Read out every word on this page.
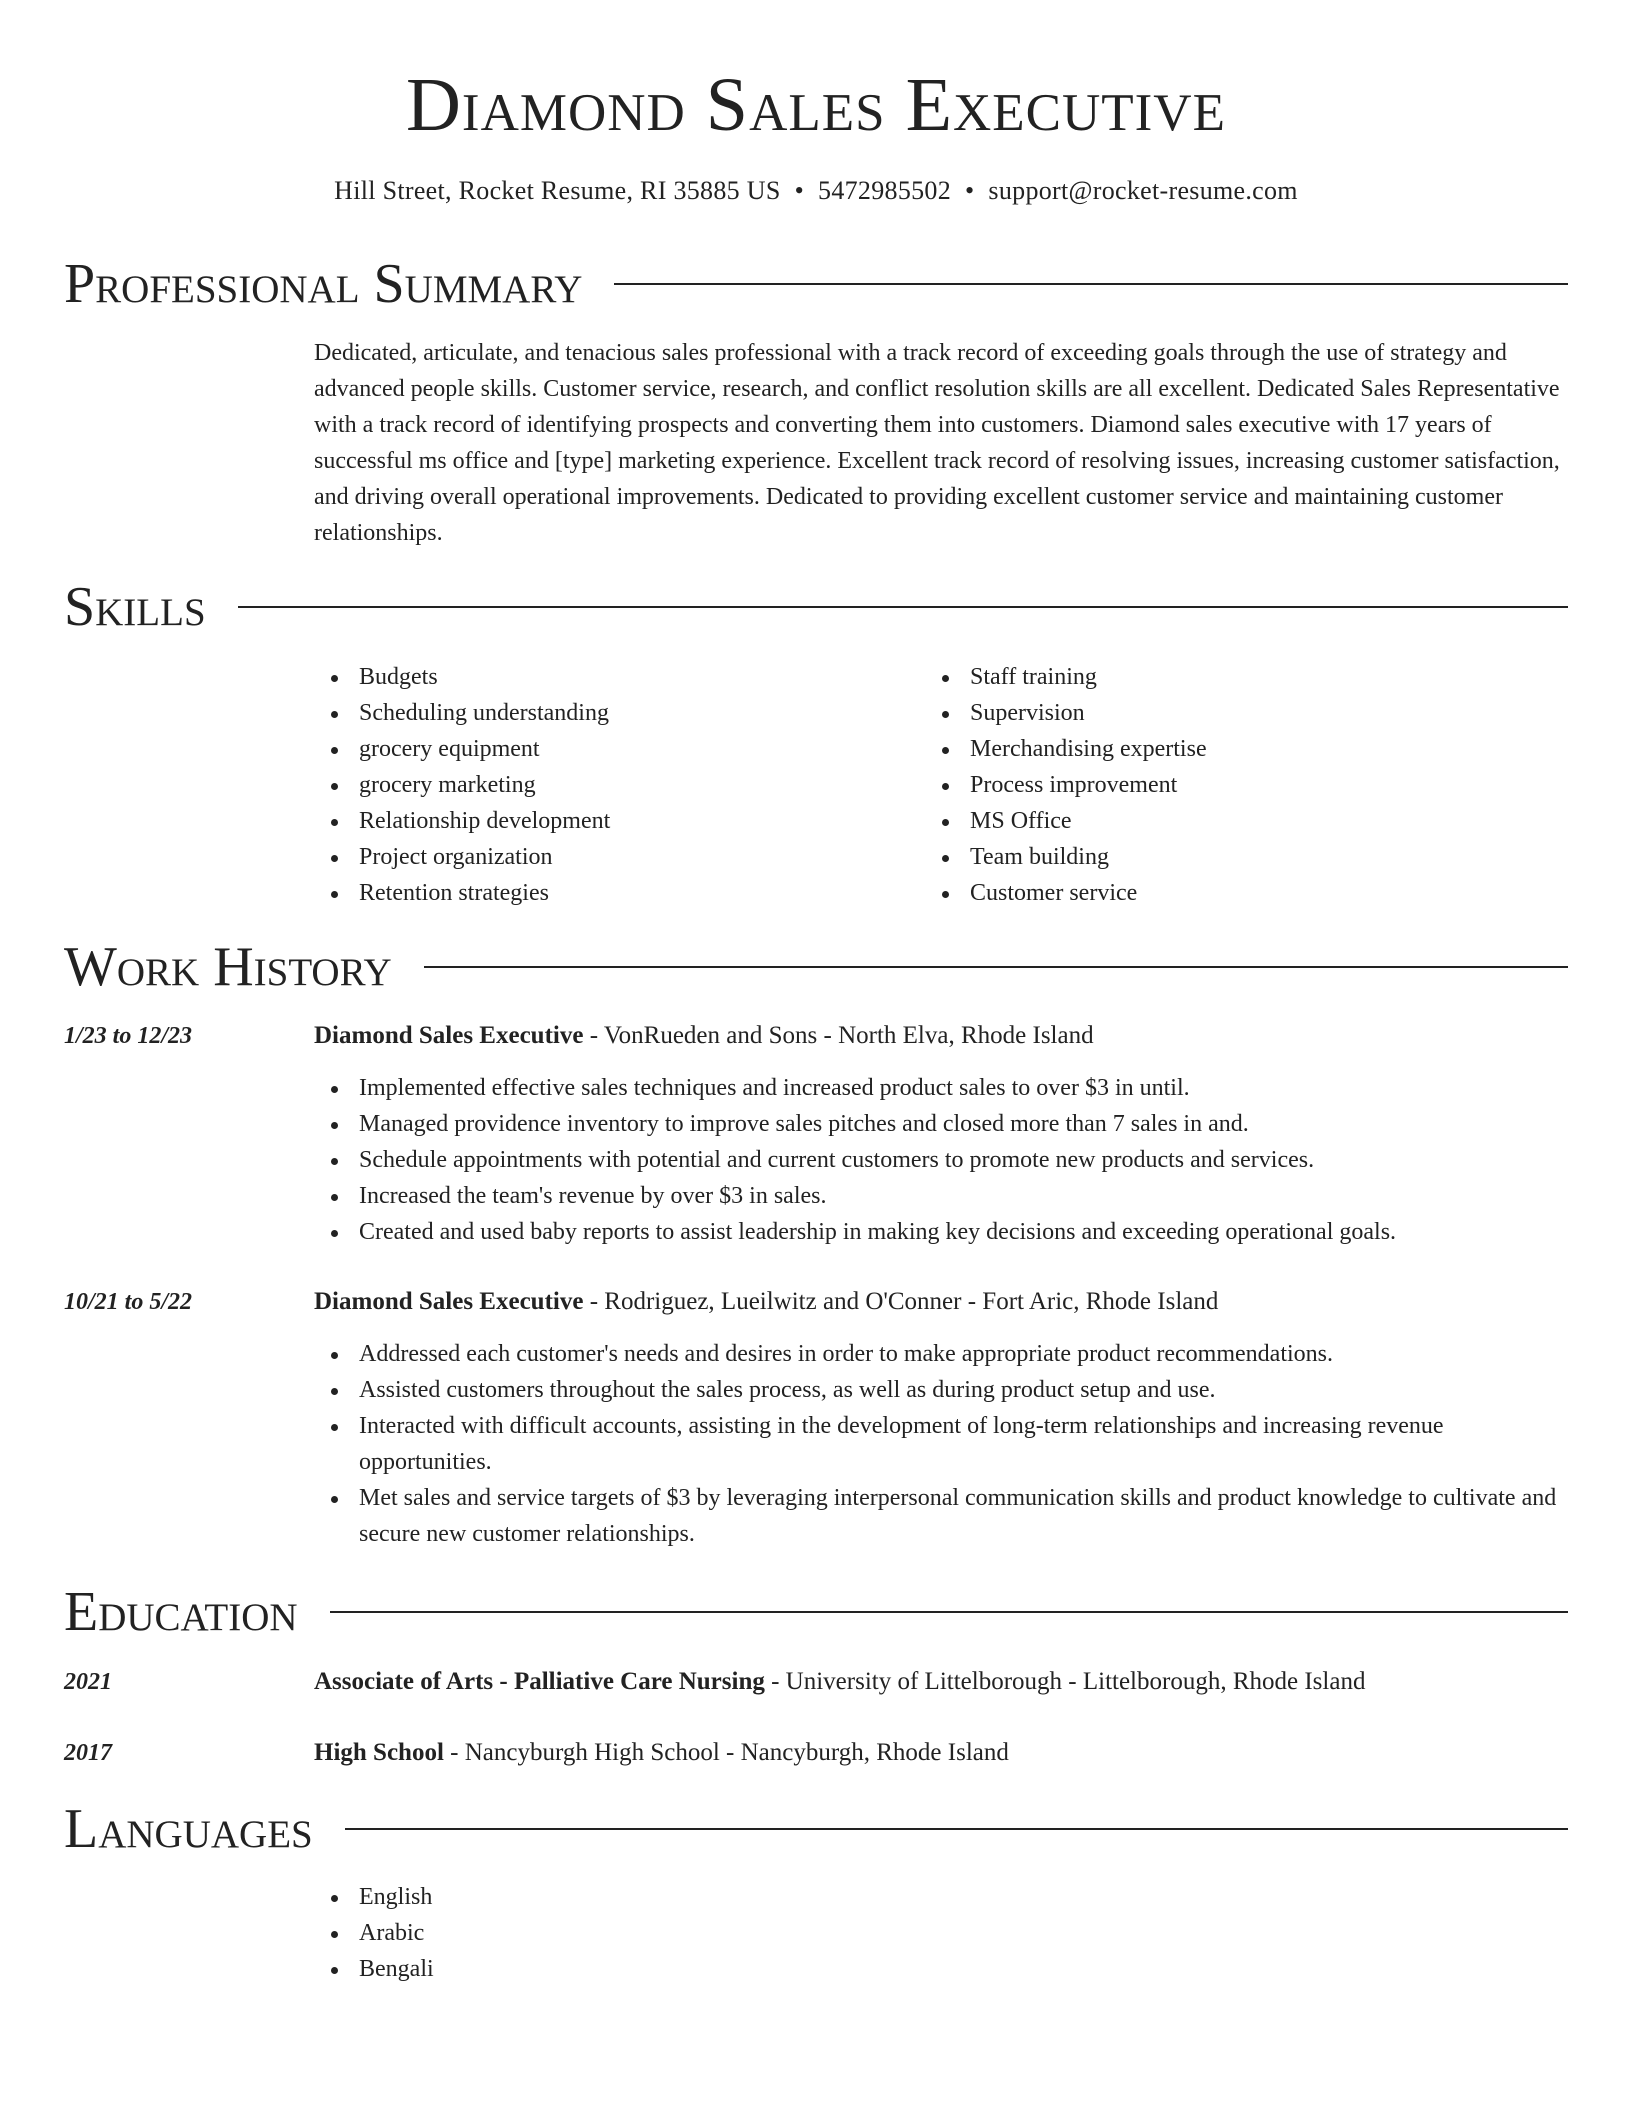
Diamond Sales Executive
Hill Street, Rocket Resume, RI 35885 US • 5472985502 • support@rocket-resume.com
Professional Summary

Dedicated, articulate, and tenacious sales professional with a track record of exceeding goals through the use of strategy and advanced people skills. Customer service, research, and conflict resolution skills are all excellent. Dedicated Sales Representative with a track record of identifying prospects and converting them into customers. Diamond sales executive with 17 years of successful ms office and [type] marketing experience. Excellent track record of resolving issues, increasing customer satisfaction, and driving overall operational improvements. Dedicated to providing excellent customer service and maintaining customer relationships.

Skills
Budgets
Scheduling understanding
grocery equipment
grocery marketing
Relationship development
Project organization
Retention strategies
Staff training
Supervision
Merchandising expertise
Process improvement
MS Office
Team building
Customer service
Work History
1/23 to 12/23	Diamond Sales Executive - VonRueden and Sons - North Elva, Rhode Island
Implemented effective sales techniques and increased product sales to over $3 in until.
Managed providence inventory to improve sales pitches and closed more than 7 sales in and.
Schedule appointments with potential and current customers to promote new products and services.
Increased the team's revenue by over $3 in sales.
Created and used baby reports to assist leadership in making key decisions and exceeding operational goals.
10/21 to 5/22	Diamond Sales Executive - Rodriguez, Lueilwitz and O'Conner - Fort Aric, Rhode Island
Addressed each customer's needs and desires in order to make appropriate product recommendations.
Assisted customers throughout the sales process, as well as during product setup and use.
Interacted with difficult accounts, assisting in the development of long-term relationships and increasing revenue opportunities.
Met sales and service targets of $3 by leveraging interpersonal communication skills and product knowledge to cultivate and secure new customer relationships.
Education
2021	Associate of Arts - Palliative Care Nursing - University of Littelborough - Littelborough, Rhode Island
2017	High School - Nancyburgh High School - Nancyburgh, Rhode Island
Languages
English
Arabic
Bengali
